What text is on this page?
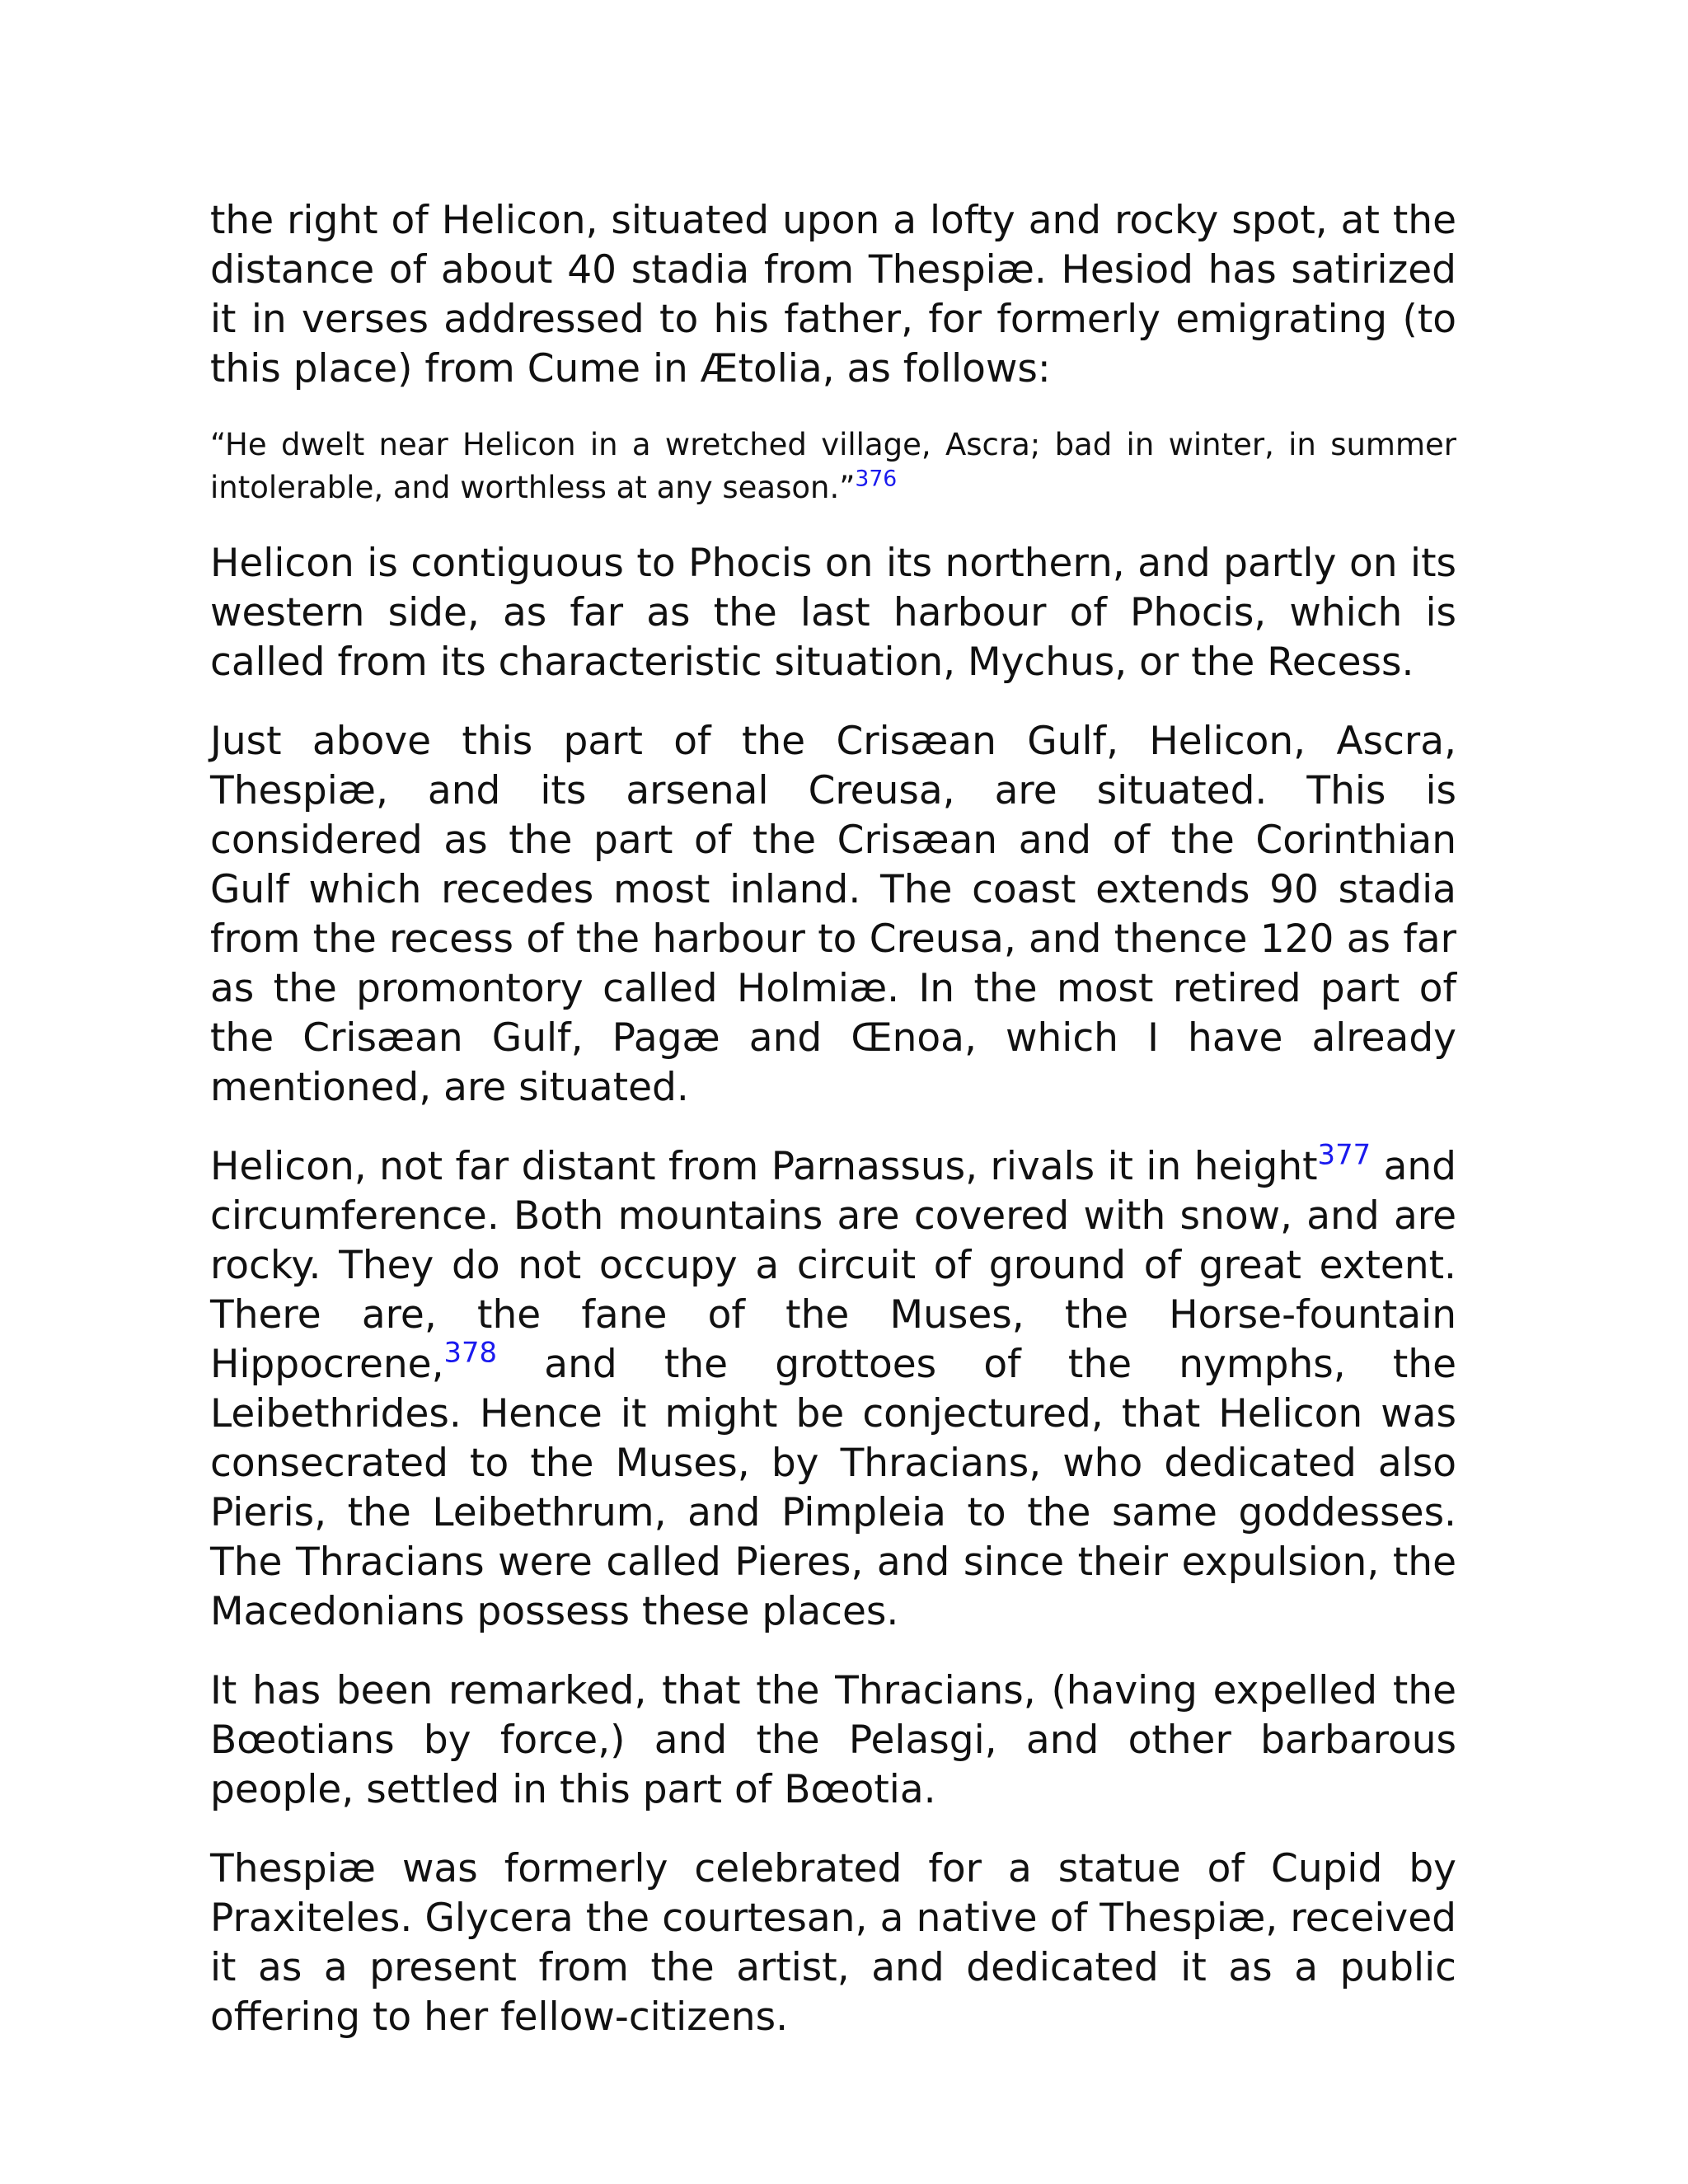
the right of Helicon, situated upon a lofty and rocky spot, at the distance of about 40 stadia from Thespiæ. Hesiod has satirized it in verses addressed to his father, for formerly emigrating (to this place) from Cume in Ætolia, as follows:

“He dwelt near Helicon in a wretched village, Ascra; bad in winter, in summer intolerable, and worthless at any season.”$^{376}$

Helicon is contiguous to Phocis on its northern, and partly on its western side, as far as the last harbour of Phocis, which is called from its characteristic situation, Mychus, or the Recess.

Just above this part of the Crisæan Gulf, Helicon, Ascra, Thespiæ, and its arsenal Creusa, are situated. This is considered as the part of the Crisæan and of the Corinthian Gulf which recedes most inland. The coast extends 90 stadia from the recess of the harbour to Creusa, and thence 120 as far as the promontory called Holmiæ. In the most retired part of the Crisæan Gulf, Pagæ and Œnoa, which I have already mentioned, are situated.

Helicon, not far distant from Parnassus, rivals it in height$^{377}$ and circumference. Both mountains are covered with snow, and are rocky. They do not occupy a circuit of ground of great extent. There are, the fane of the Muses, the Horse-fountain Hippocrene,$^{378}$ and the grottoes of the nymphs, the Leibethrides. Hence it might be conjectured, that Helicon was consecrated to the Muses, by Thracians, who dedicated also Pieris, the Leibethrum, and Pimpleia to the same goddesses. The Thracians were called Pieres, and since their expulsion, the Macedonians possess these places.

It has been remarked, that the Thracians, (having expelled the Bœotians by force,) and the Pelasgi, and other barbarous people, settled in this part of Bœotia.

Thespiæ was formerly celebrated for a statue of Cupid by Praxiteles. Glycera the courtesan, a native of Thespiæ, received it as a present from the artist, and dedicated it as a public offering to her fellow-citizens.
